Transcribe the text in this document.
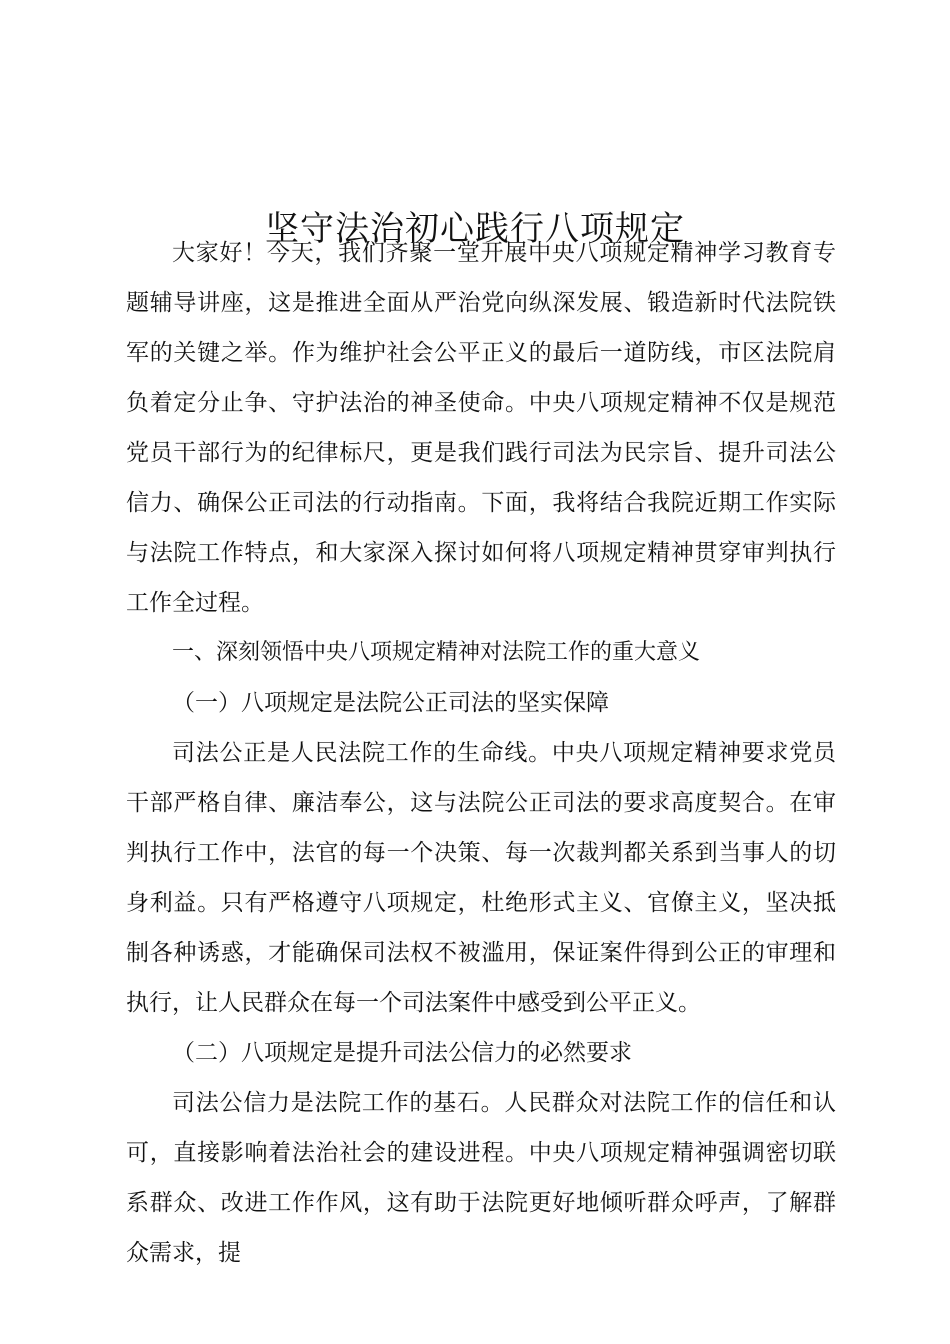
坚守法治初心践行八项规定

大家好！今天，我们齐聚一堂开展中央八项规定精神学习教育专题辅导讲座，这是推进全面从严治党向纵深发展、锻造新时代法院铁军的关键之举。作为维护社会公平正义的最后一道防线，市区法院肩负着定分止争、守护法治的神圣使命。中央八项规定精神不仅是规范党员干部行为的纪律标尺，更是我们践行司法为民宗旨、提升司法公信力、确保公正司法的行动指南。下面，我将结合我院近期工作实际与法院工作特点，和大家深入探讨如何将八项规定精神贯穿审判执行工作全过程。

一、深刻领悟中央八项规定精神对法院工作的重大意义

（一）八项规定是法院公正司法的坚实保障

司法公正是人民法院工作的生命线。中央八项规定精神要求党员干部严格自律、廉洁奉公，这与法院公正司法的要求高度契合。在审判执行工作中，法官的每一个决策、每一次裁判都关系到当事人的切身利益。只有严格遵守八项规定，杜绝形式主义、官僚主义，坚决抵制各种诱惑，才能确保司法权不被滥用，保证案件得到公正的审理和执行，让人民群众在每一个司法案件中感受到公平正义。

（二）八项规定是提升司法公信力的必然要求

司法公信力是法院工作的基石。人民群众对法院工作的信任和认可，直接影响着法治社会的建设进程。中央八项规定精神强调密切联系群众、改进工作作风，这有助于法院更好地倾听群众呼声，了解群众需求，提
